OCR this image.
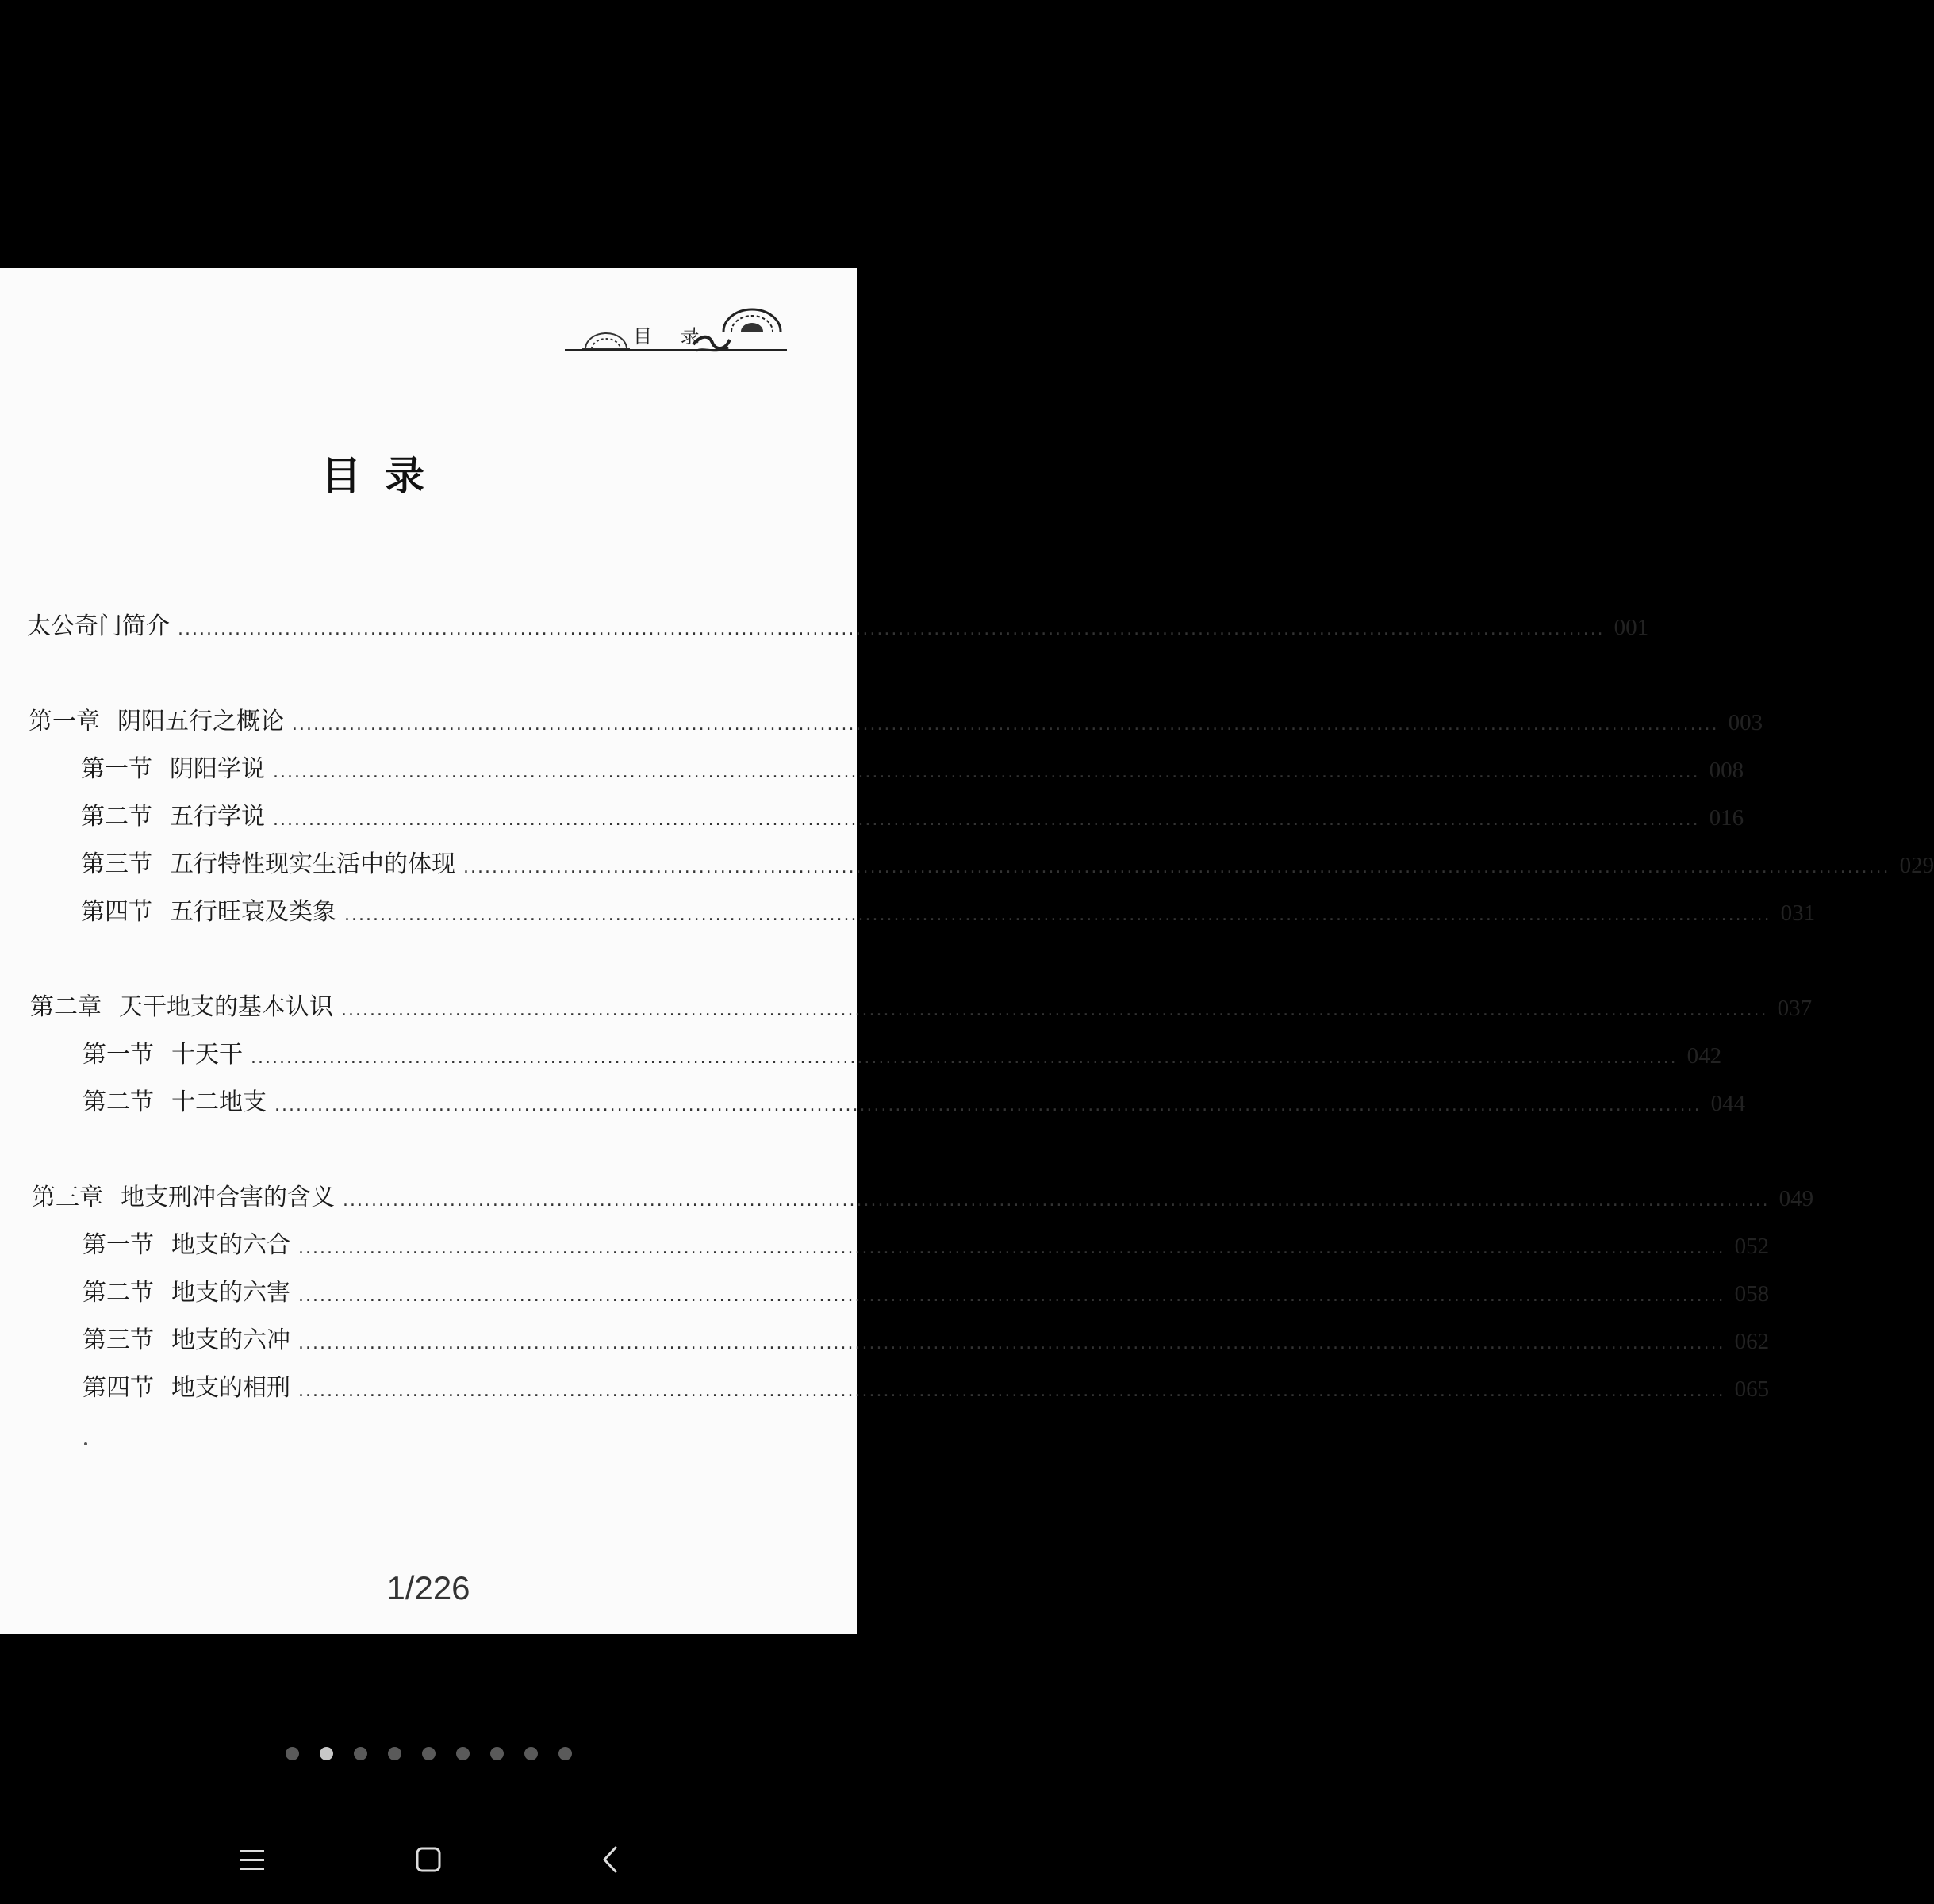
目 录
目录
太公奇门简介 ........................................................................................................................................................................................................ 001
第一章 阴阳五行之概论 ........................................................................................................................................................................................................ 003
第一节 阴阳学说 ........................................................................................................................................................................................................ 008
第二节 五行学说 ........................................................................................................................................................................................................ 016
第三节 五行特性现实生活中的体现 ........................................................................................................................................................................................................ 029
第四节 五行旺衰及类象 ........................................................................................................................................................................................................ 031
第二章 天干地支的基本认识 ........................................................................................................................................................................................................ 037
第一节 十天干 ........................................................................................................................................................................................................ 042
第二节 十二地支 ........................................................................................................................................................................................................ 044
第三章 地支刑冲合害的含义 ........................................................................................................................................................................................................ 049
第一节 地支的六合 ........................................................................................................................................................................................................ 052
第二节 地支的六害 ........................................................................................................................................................................................................ 058
第三节 地支的六冲 ........................................................................................................................................................................................................ 062
第四节 地支的相刑 ........................................................................................................................................................................................................ 065
1/226
